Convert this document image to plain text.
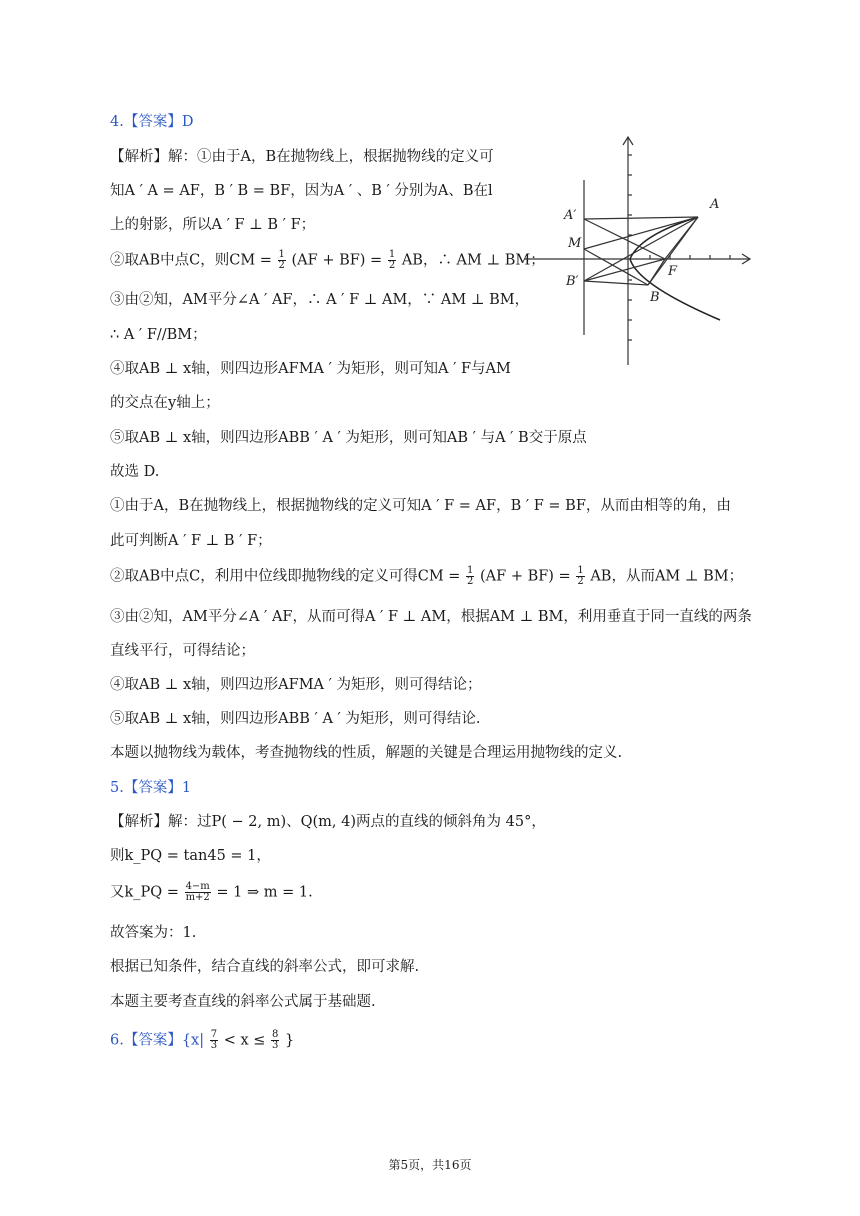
4.【答案】D
【解析】解：①由于A，B在抛物线上，根据抛物线的定义可
知A ′ A = AF，B ′ B = BF，因为A ′ 、B ′ 分别为A、B在l
上的射影，所以A ′ F ⊥ B ′ F；
②取AB中点C，则CM = $\frac{1}{2} (AF + BF) = \frac{1}{2}$ AB，∴ AM ⊥ BM；
③由②知，AM平分∠A ′ AF，∴ A ′ F ⊥ AM，∵ AM ⊥ BM，
∴ A ′ F//BM；
④取AB ⊥ x轴，则四边形AFMA ′ 为矩形，则可知A ′ F与AM
的交点在y轴上；
⑤取AB ⊥ x轴，则四边形ABB ′ A ′ 为矩形，则可知AB ′ 与A ′ B交于原点
故选 D.
①由于A，B在抛物线上，根据抛物线的定义可知A ′ F = AF，B ′ F = BF，从而由相等的角，由
此可判断A ′ F ⊥ B ′ F；
②取AB中点C，利用中位线即抛物线的定义可得CM = $\frac{1}{2} (AF + BF) = \frac{1}{2}$ AB，从而AM ⊥ BM；
③由②知，AM平分∠A ′ AF，从而可得A ′ F ⊥ AM，根据AM ⊥ BM，利用垂直于同一直线的两条
直线平行，可得结论；
④取AB ⊥ x轴，则四边形AFMA ′ 为矩形，则可得结论；
⑤取AB ⊥ x轴，则四边形ABB ′ A ′ 为矩形，则可得结论.
本题以抛物线为载体，考查抛物线的性质，解题的关键是合理运用抛物线的定义.
5.【答案】1
【解析】解：过P( − 2, m)、Q(m, 4)两点的直线的倾斜角为 45°，
则k_PQ = tan45 = 1，
又k_PQ = $\frac{4-m}{m+2} = 1$ ⇒ m = 1.
故答案为：1.
根据已知条件，结合直线的斜率公式，即可求解.
本题主要考查直线的斜率公式属于基础题.
6.【答案】{$x| \frac{7}{3} < x \le \frac{8}{3}$ }
A′
A
M
F
B′
B
第5页，共16页
